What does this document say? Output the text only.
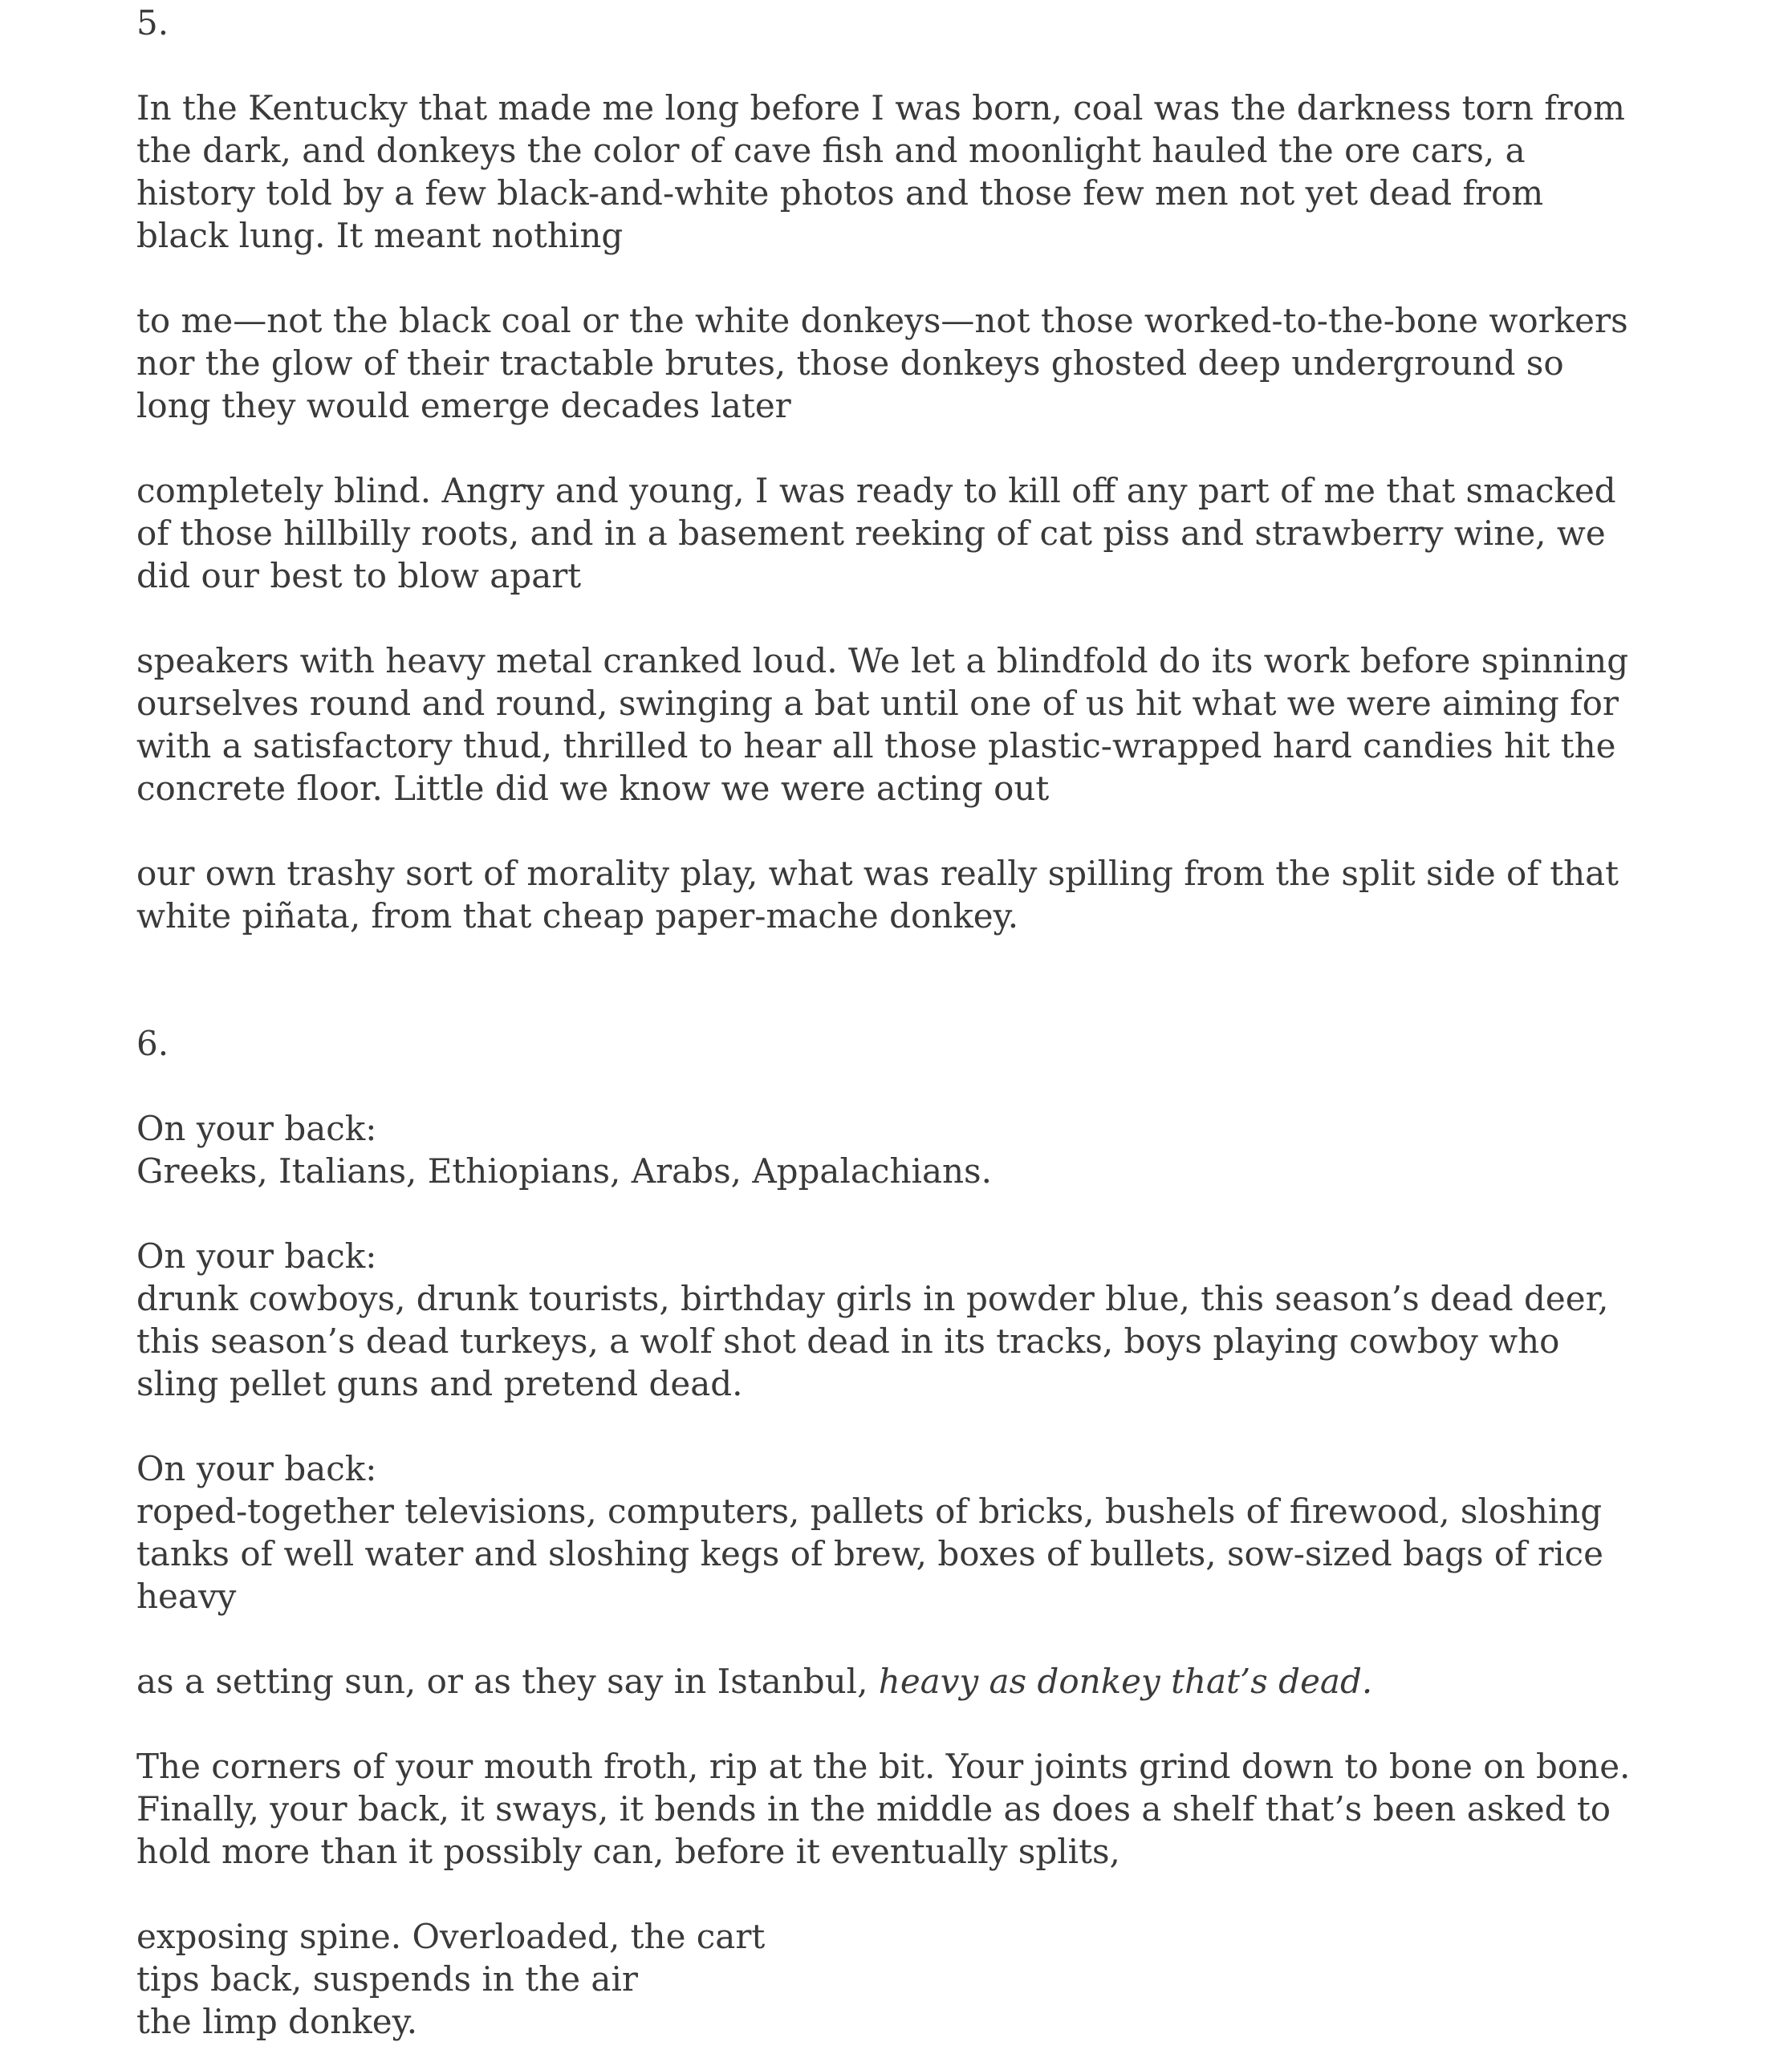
5.

In the Kentucky that made me long before I was born, coal was the darkness torn from the dark, and donkeys the color of cave fish and moonlight hauled the ore cars, a history told by a few black-and-white photos and those few men not yet dead from black lung. It meant nothing

to me—not the black coal or the white donkeys—not those worked-to-the-bone workers nor the glow of their tractable brutes, those donkeys ghosted deep underground so long they would emerge decades later

completely blind. Angry and young, I was ready to kill off any part of me that smacked of those hillbilly roots, and in a basement reeking of cat piss and strawberry wine, we did our best to blow apart

speakers with heavy metal cranked loud. We let a blindfold do its work before spinning ourselves round and round, swinging a bat until one of us hit what we were aiming for with a satisfactory thud, thrilled to hear all those plastic-wrapped hard candies hit the concrete floor. Little did we know we were acting out

our own trashy sort of morality play, what was really spilling from the split side of that white piñata, from that cheap paper-mache donkey.

6.

On your back:
Greeks, Italians, Ethiopians, Arabs, Appalachians.

On your back:
drunk cowboys, drunk tourists, birthday girls in powder blue, this season’s dead deer, this season’s dead turkeys, a wolf shot dead in its tracks, boys playing cowboy who sling pellet guns and pretend dead.

On your back:
roped-together televisions, computers, pallets of bricks, bushels of firewood, sloshing tanks of well water and sloshing kegs of brew, boxes of bullets, sow-sized bags of rice heavy

as a setting sun, or as they say in Istanbul, heavy as donkey that’s dead.

The corners of your mouth froth, rip at the bit. Your joints grind down to bone on bone. Finally, your back, it sways, it bends in the middle as does a shelf that’s been asked to hold more than it possibly can, before it eventually splits,

exposing spine. Overloaded, the cart
tips back, suspends in the air
the limp donkey.
